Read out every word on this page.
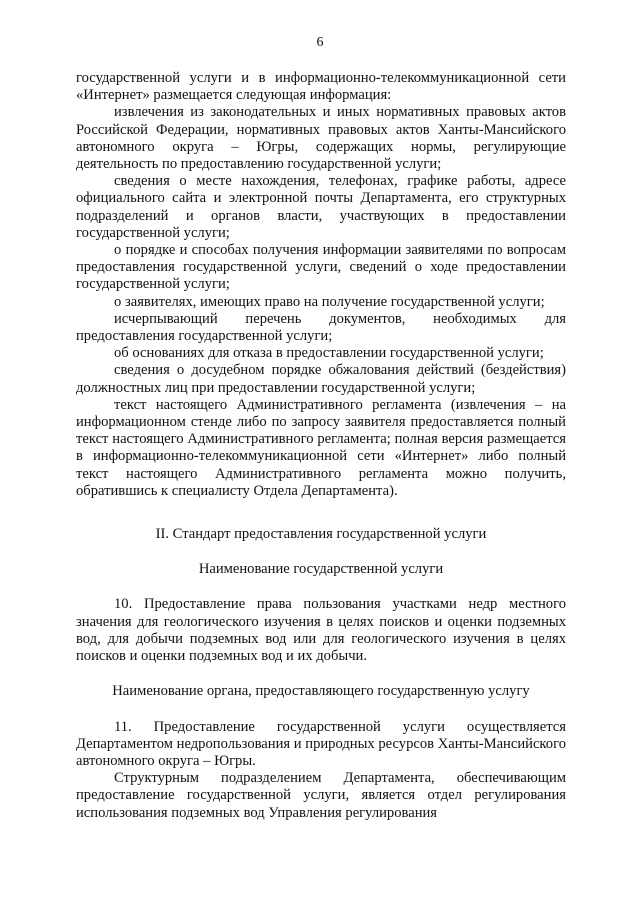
6

государственной услуги и в информационно-телекоммуникационной сети «Интернет» размещается следующая информация:

извлечения из законодательных и иных нормативных правовых актов Российской Федерации, нормативных правовых актов Ханты-Мансийского автономного округа – Югры, содержащих нормы, регулирующие деятельность по предоставлению государственной услуги;

сведения о месте нахождения, телефонах, графике работы, адресе официального сайта и электронной почты Департамента, его структурных подразделений и органов власти, участвующих в предоставлении государственной услуги;

о порядке и способах получения информации заявителями по вопросам предоставления государственной услуги, сведений о ходе предоставлении государственной услуги;

о заявителях, имеющих право на получение государственной услуги;

исчерпывающий перечень документов, необходимых для предоставления государственной услуги;

об основаниях для отказа в предоставлении государственной услуги;

сведения о досудебном порядке обжалования действий (бездействия) должностных лиц при предоставлении государственной услуги;

текст настоящего Административного регламента (извлечения – на информационном стенде либо по запросу заявителя предоставляется полный текст настоящего Административного регламента; полная версия размещается в информационно-телекоммуникационной сети «Интернет» либо полный текст настоящего Административного регламента можно получить, обратившись к специалисту Отдела Департамента).

II. Стандарт предоставления государственной услуги

Наименование государственной услуги

10. Предоставление права пользования участками недр местного значения для геологического изучения в целях поисков и оценки подземных вод, для добычи подземных вод или для геологического изучения в целях поисков и оценки подземных вод и их добычи.

Наименование органа, предоставляющего государственную услугу

11. Предоставление государственной услуги осуществляется Департаментом недропользования и природных ресурсов Ханты-Мансийского автономного округа – Югры.

Структурным подразделением Департамента, обеспечивающим предоставление государственной услуги, является отдел регулирования использования подземных вод Управления регулирования
